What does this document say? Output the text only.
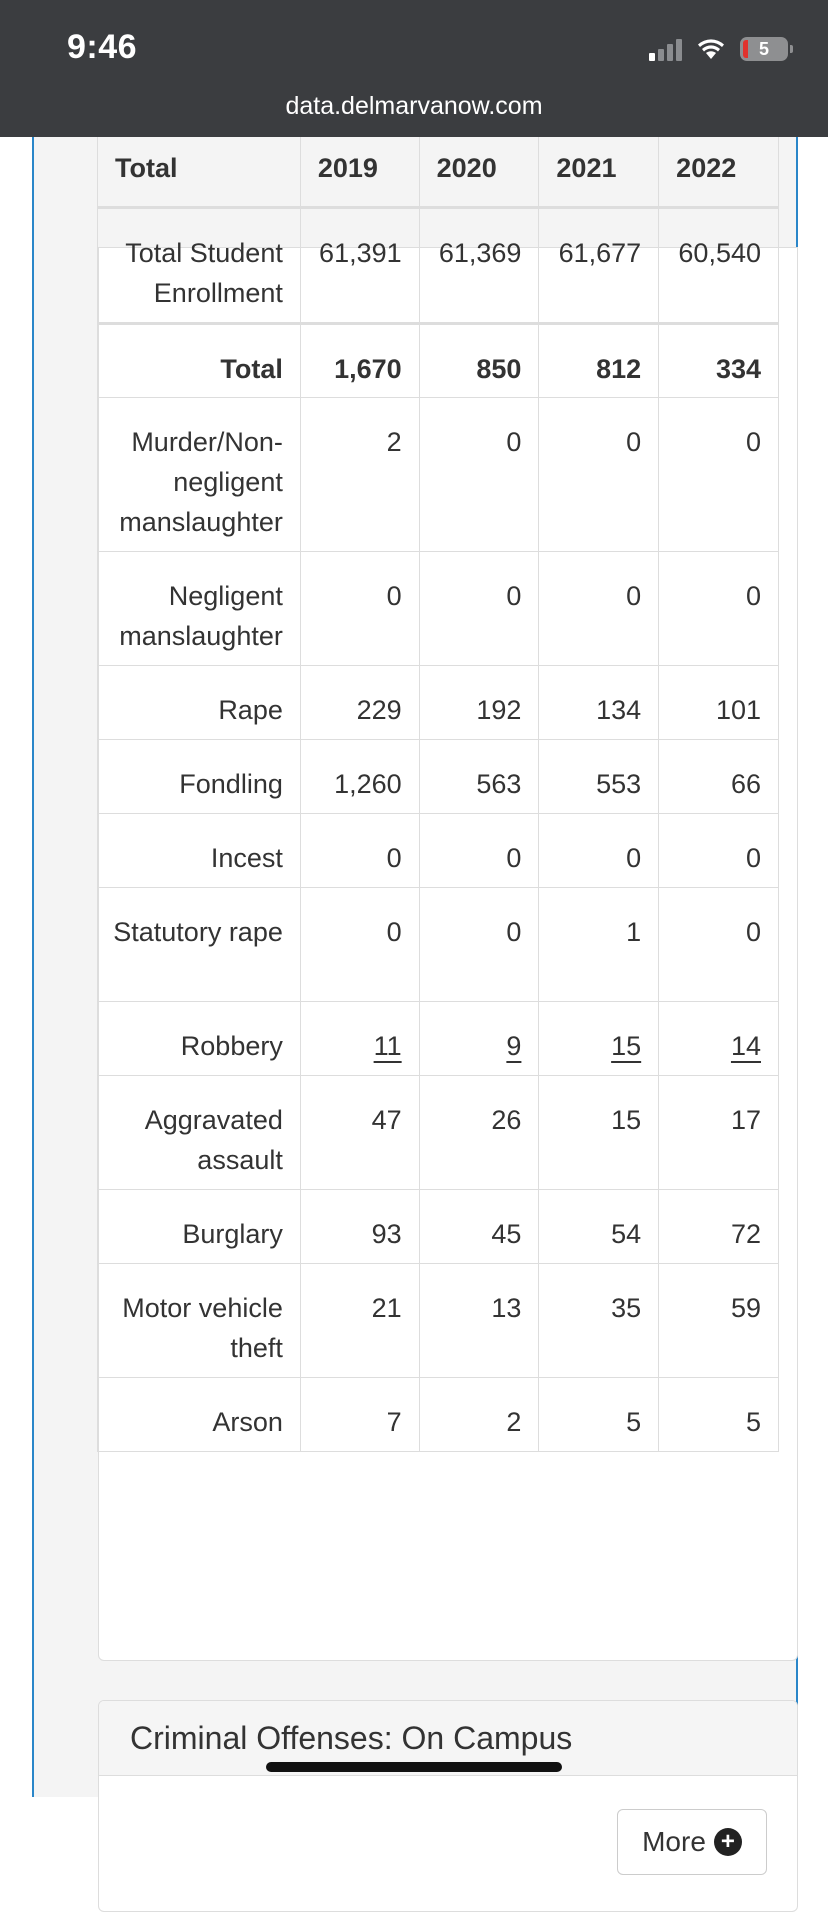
9:46	5
data.delmarvanow.com
Criminal Offenses: On Campus
More +
Total	2019	2020	2021	2022
Total Student Enrollment	61,391	61,369	61,677	60,540
Total	1,670	850	812	334
Murder/Non-negligent manslaughter	2	0	0	0
Negligent manslaughter	0	0	0	0
Rape	229	192	134	101
Fondling	1,260	563	553	66
Incest	0	0	0	0
Statutory rape	0	0	1	0
Robbery	11	9	15	14
Aggravated assault	47	26	15	17
Burglary	93	45	54	72
Motor vehicle theft	21	13	35	59
Arson	7	2	5	5
